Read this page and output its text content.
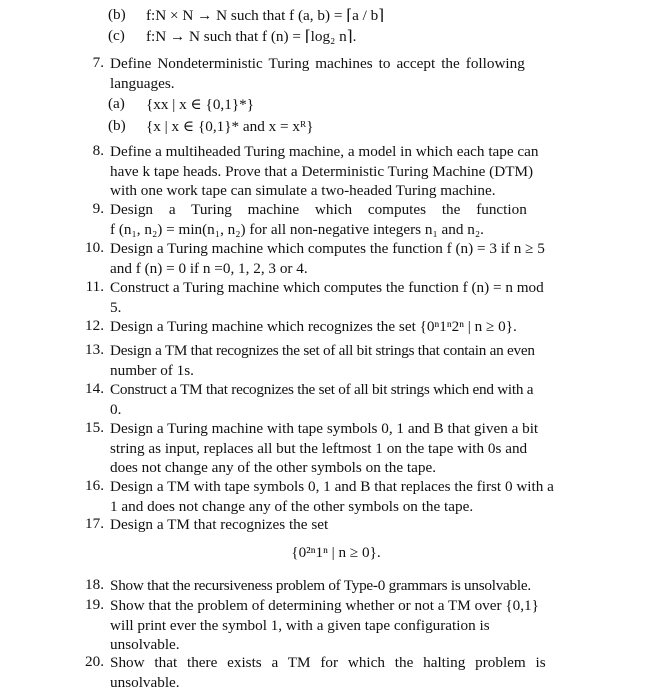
(b) f:N × N → N such that f (a, b) = ⌈a / b⌉
(c) f:N → N such that f (n) = ⌈log₂ n⌉.
7. Define Nondeterministic Turing machines to accept the following
languages.
(a) {xx | x ∈ {0,1}*}
(b) {x | x ∈ {0,1}* and x = xᴿ}
8. Define a multiheaded Turing machine, a model in which each tape can
have k tape heads. Prove that a Deterministic Turing Machine (DTM)
with one work tape can simulate a two-headed Turing machine.
9. Design a Turing machine which computes the function
f (n₁, n₂) = min(n₁, n₂) for all non-negative integers n₁ and n₂.
10. Design a Turing machine which computes the function f (n) = 3 if n ≥ 5
and f (n) = 0 if n =0, 1, 2, 3 or 4.
11. Construct a Turing machine which computes the function f (n) = n mod
5.
12. Design a Turing machine which recognizes the set {0ⁿ1ⁿ2ⁿ | n ≥ 0}.
13. Design a TM that recognizes the set of all bit strings that contain an even
number of 1s.
14. Construct a TM that recognizes the set of all bit strings which end with a
0.
15. Design a Turing machine with tape symbols 0, 1 and B that given a bit
string as input, replaces all but the leftmost 1 on the tape with 0s and
does not change any of the other symbols on the tape.
16. Design a TM with tape symbols 0, 1 and B that replaces the first 0 with a
1 and does not change any of the other symbols on the tape.
17. Design a TM that recognizes the set
{0²ⁿ1ⁿ | n ≥ 0}.
18. Show that the recursiveness problem of Type-0 grammars is unsolvable.
19. Show that the problem of determining whether or not a TM over {0,1}
will print ever the symbol 1, with a given tape configuration is
unsolvable.
20. Show that there exists a TM for which the halting problem is
unsolvable.
